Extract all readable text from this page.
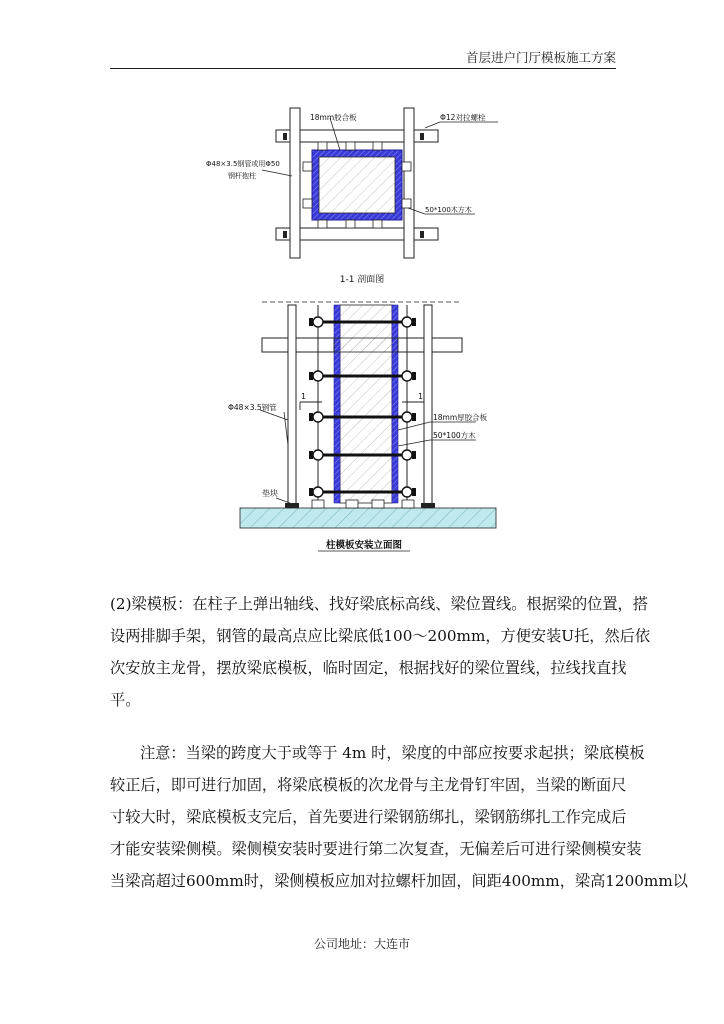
首层进户门厅模板施工方案
18mm胶合板	Φ12对拉螺栓
Φ48×3.5钢管或用Φ50
钢杆抱柱
50*100木方木
1-1 剖面图
Φ48×3.5钢管
18mm厚胶合板
50*100方木
垫块
1	1
柱模板安装立面图
(2)梁模板：在柱子上弹出轴线、找好梁底标高线、梁位置线。根据梁的位置，搭
设两排脚手架，钢管的最高点应比梁底低100～200mm，方便安装U托，然后依
次安放主龙骨，摆放梁底模板，临时固定，根据找好的梁位置线，拉线找直找
平。
注意：当梁的跨度大于或等于 4m 时，梁度的中部应按要求起拱；梁底模板
较正后，即可进行加固，将梁底模板的次龙骨与主龙骨钉牢固，当梁的断面尺
寸较大时，梁底模板支完后，首先要进行梁钢筋绑扎，梁钢筋绑扎工作完成后
才能安装梁侧模。梁侧模安装时要进行第二次复查，无偏差后可进行梁侧模安装
当梁高超过600mm时，梁侧模板应加对拉螺杆加固，间距400mm，梁高1200mm以
公司地址：大连市
